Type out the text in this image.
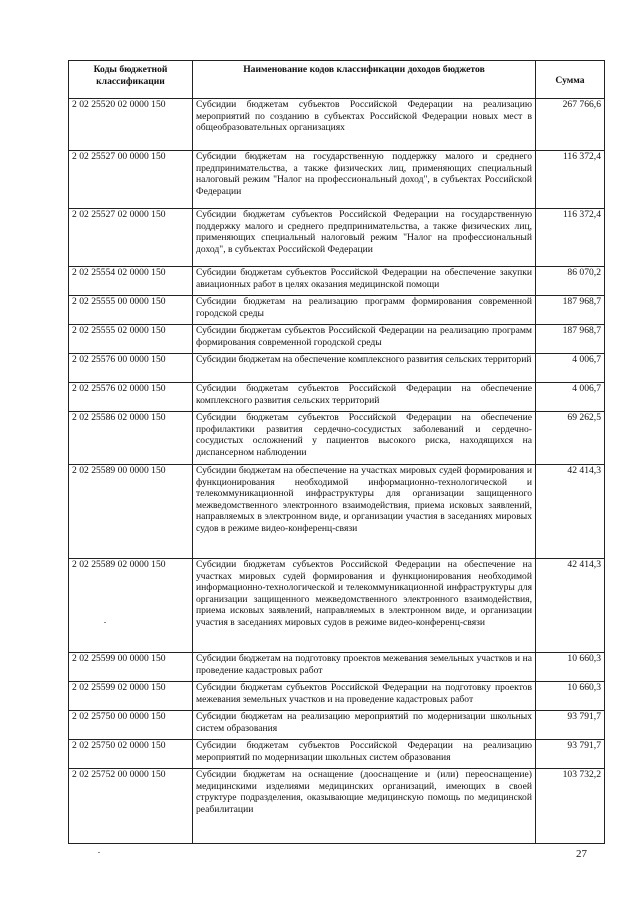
Коды бюджетной классификации	Наименование кодов классификации доходов бюджетов	Сумма
2 02 25520 02 0000 150	Субсидии бюджетам субъектов Российской Федерации на реализацию мероприятий по созданию в субъектах Российской Федерации новых мест в общеобразовательных организациях	267 766,6
2 02 25527 00 0000 150	Субсидии бюджетам на государственную поддержку малого и среднего предпринимательства, а также физических лиц, применяющих специальный налоговый режим "Налог на профессиональный доход", в субъектах Российской Федерации	116 372,4
2 02 25527 02 0000 150	Субсидии бюджетам субъектов Российской Федерации на государственную поддержку малого и среднего предпринимательства, а также физических лиц, применяющих специальный налоговый режим "Налог на профессиональный доход", в субъектах Российской Федерации	116 372,4
2 02 25554 02 0000 150	Субсидии бюджетам субъектов Российской Федерации на обеспечение закупки авиационных работ в целях оказания медицинской помощи	86 070,2
2 02 25555 00 0000 150	Субсидии бюджетам на реализацию программ формирования современной городской среды	187 968,7
2 02 25555 02 0000 150	Субсидии бюджетам субъектов Российской Федерации на реализацию программ формирования современной городской среды	187 968,7
2 02 25576 00 0000 150	Субсидии бюджетам на обеспечение комплексного развития сельских территорий	4 006,7
2 02 25576 02 0000 150	Субсидии бюджетам субъектов Российской Федерации на обеспечение комплексного развития сельских территорий	4 006,7
2 02 25586 02 0000 150	Субсидии бюджетам субъектов Российской Федерации на обеспечение профилактики развития сердечно-сосудистых заболеваний и сердечно-сосудистых осложнений у пациентов высокого риска, находящихся на диспансерном наблюдении	69 262,5
2 02 25589 00 0000 150	Субсидии бюджетам на обеспечение на участках мировых судей формирования и функционирования необходимой информационно-технологической и телекоммуникационной инфраструктуры для организации защищенного межведомственного электронного взаимодействия, приема исковых заявлений, направляемых в электронном виде, и организации участия в заседаниях мировых судов в режиме видео-конференц-связи	42 414,3
2 02 25589 02 0000 150	Субсидии бюджетам субъектов Российской Федерации на обеспечение на участках мировых судей формирования и функционирования необходимой информационно-технологической и телекоммуникационной инфраструктуры для организации защищенного межведомственного электронного взаимодействия, приема исковых заявлений, направляемых в электронном виде, и организации участия в заседаниях мировых судов в режиме видео-конференц-связи	42 414,3
2 02 25599 00 0000 150	Субсидии бюджетам на подготовку проектов межевания земельных участков и на проведение кадастровых работ	10 660,3
2 02 25599 02 0000 150	Субсидии бюджетам субъектов Российской Федерации на подготовку проектов межевания земельных участков и на проведение кадастровых работ	10 660,3
2 02 25750 00 0000 150	Субсидии бюджетам на реализацию мероприятий по модернизации школьных систем образования	93 791,7
2 02 25750 02 0000 150	Субсидии бюджетам субъектов Российской Федерации на реализацию мероприятий по модернизации школьных систем образования	93 791,7
2 02 25752 00 0000 150	Субсидии бюджетам на оснащение (дооснащение и (или) переоснащение) медицинскими изделиями медицинских организаций, имеющих в своей структуре подразделения, оказывающие медицинскую помощь по медицинской реабилитации	103 732,2
27
